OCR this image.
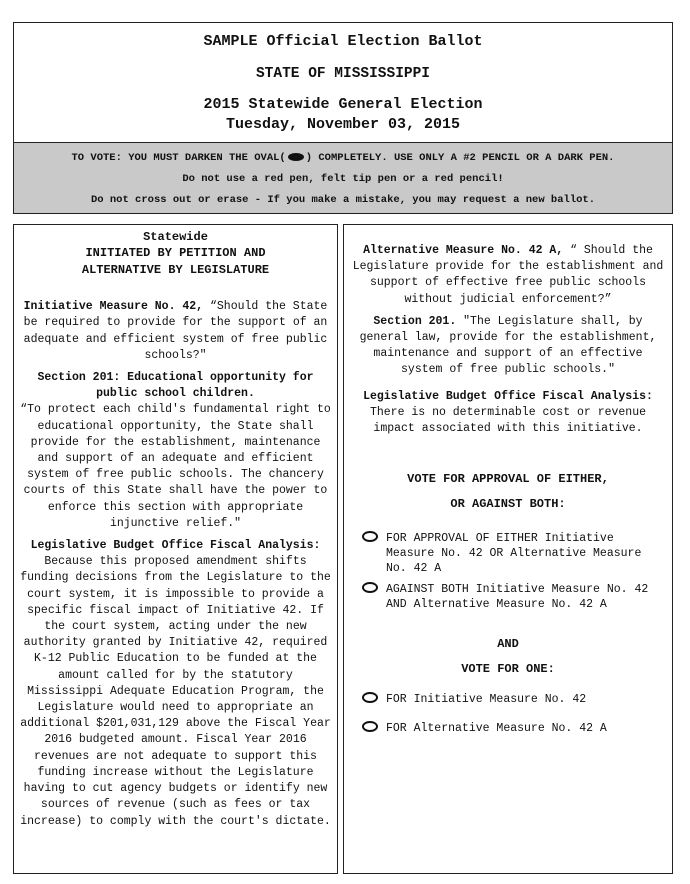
SAMPLE Official Election Ballot
STATE OF MISSISSIPPI
2015 Statewide General Election
Tuesday, November 03, 2015
TO VOTE: YOU MUST DARKEN THE OVAL( ) COMPLETELY. USE ONLY A #2 PENCIL OR A DARK PEN.
Do not use a red pen, felt tip pen or a red pencil!
Do not cross out or erase - If you make a mistake, you may request a new ballot.
Statewide
INITIATED BY PETITION AND
ALTERNATIVE BY LEGISLATURE
Initiative Measure No. 42, “Should the State be required to provide for the support of an adequate and efficient system of free public schools?"
Section 201: Educational opportunity for public school children.
“To protect each child's fundamental right to educational opportunity, the State shall provide for the establishment, maintenance and support of an adequate and efficient system of free public schools. The chancery courts of this State shall have the power to enforce this section with appropriate injunctive relief."
Legislative Budget Office Fiscal Analysis:
Because this proposed amendment shifts funding decisions from the Legislature to the court system, it is impossible to provide a specific fiscal impact of Initiative 42. If the court system, acting under the new authority granted by Initiative 42, required K-12 Public Education to be funded at the amount called for by the statutory Mississippi Adequate Education Program, the Legislature would need to appropriate an additional $201,031,129 above the Fiscal Year 2016 budgeted amount. Fiscal Year 2016 revenues are not adequate to support this funding increase without the Legislature having to cut agency budgets or identify new sources of revenue (such as fees or tax increase) to comply with the court's dictate.
Alternative Measure No. 42 A, “ Should the Legislature provide for the establishment and support of effective free public schools without judicial enforcement?”
Section 201. "The Legislature shall, by general law, provide for the establishment, maintenance and support of an effective system of free public schools."
Legislative Budget Office Fiscal Analysis:
There is no determinable cost or revenue impact associated with this initiative.
VOTE FOR APPROVAL OF EITHER,
OR AGAINST BOTH:
FOR APPROVAL OF EITHER Initiative Measure No. 42 OR Alternative Measure No. 42 A
AGAINST BOTH Initiative Measure No. 42 AND Alternative Measure No. 42 A
AND
VOTE FOR ONE:
FOR Initiative Measure No. 42
FOR Alternative Measure No. 42 A
